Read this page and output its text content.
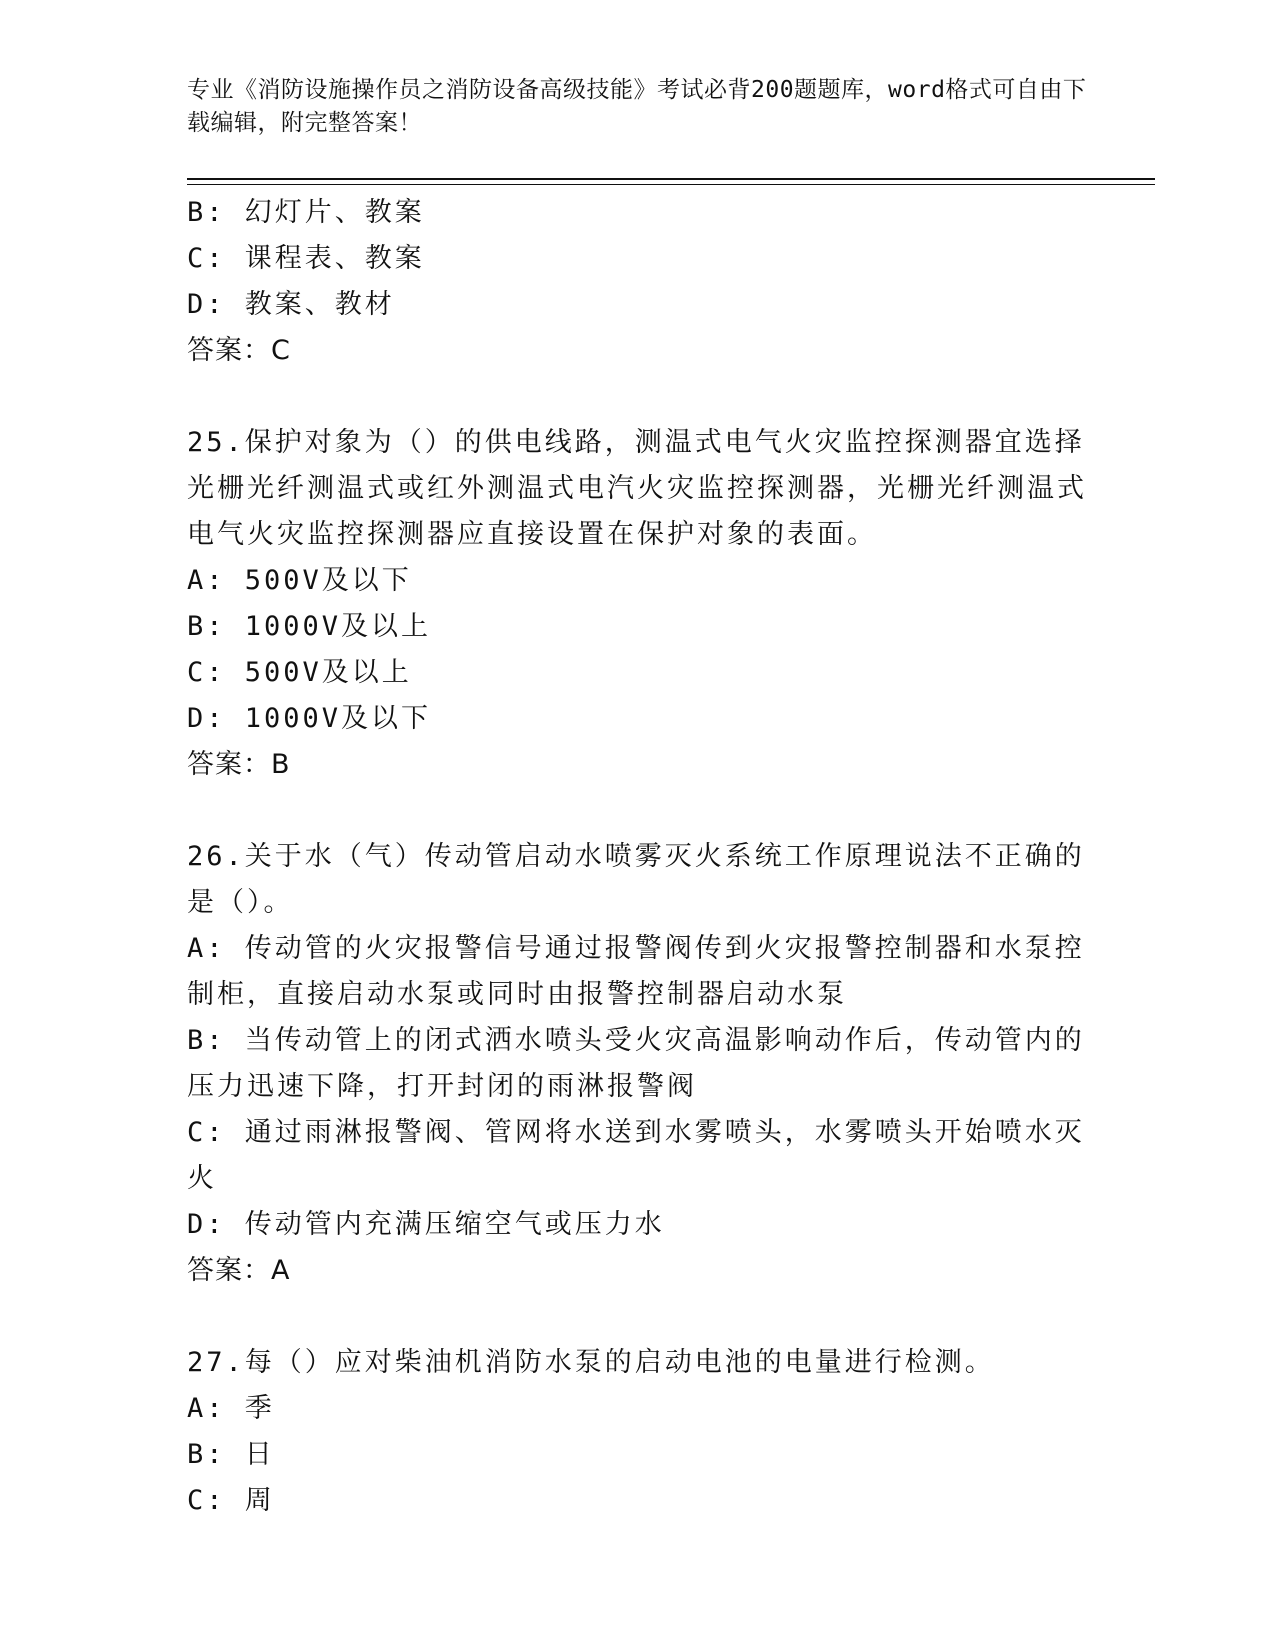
专业《消防设施操作员之消防设备高级技能》考试必背200题题库，word格式可自由下载编辑，附完整答案！

B: 幻灯片、教案

C: 课程表、教案

D: 教案、教材

答案：C

25.保护对象为（）的供电线路，测温式电气火灾监控探测器宜选择光栅光纤测温式或红外测温式电汽火灾监控探测器，光栅光纤测温式电气火灾监控探测器应直接设置在保护对象的表面。

A: 500V及以下

B: 1000V及以上

C: 500V及以上

D: 1000V及以下

答案：B

26.关于水（气）传动管启动水喷雾灭火系统工作原理说法不正确的是（）。

A: 传动管的火灾报警信号通过报警阀传到火灾报警控制器和水泵控制柜，直接启动水泵或同时由报警控制器启动水泵

B: 当传动管上的闭式洒水喷头受火灾高温影响动作后，传动管内的压力迅速下降，打开封闭的雨淋报警阀

C: 通过雨淋报警阀、管网将水送到水雾喷头，水雾喷头开始喷水灭火

D: 传动管内充满压缩空气或压力水

答案：A

27.每（）应对柴油机消防水泵的启动电池的电量进行检测。

A: 季

B: 日

C: 周
